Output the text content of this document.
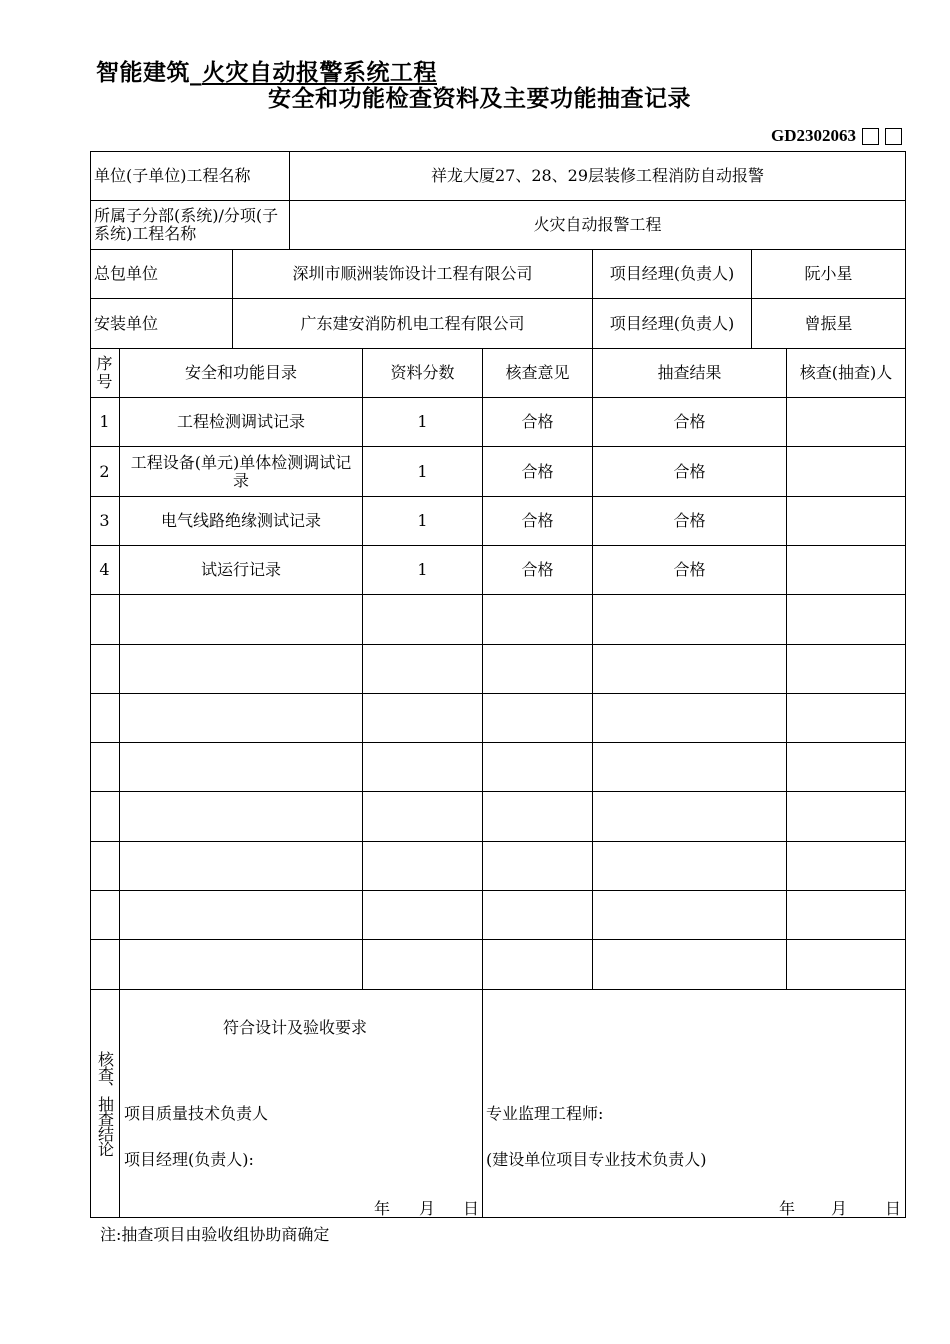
智能建筑_火灾自动报警系统工程
安全和功能检查资料及主要功能抽查记录
GD2302063
单位(子单位)工程名称	祥龙大厦27、28、29层装修工程消防自动报警
所属子分部(系统)/分项(子系统)工程名称	火灾自动报警工程
总包单位	深圳市顺洲装饰设计工程有限公司	项目经理(负责人)	阮小星
安装单位	广东建安消防机电工程有限公司	项目经理(负责人)	曾振星
序号	安全和功能目录	资料分数	核查意见	抽查结果	核查(抽查)人
1	工程检测调试记录	1	合格	合格
2	工程设备(单元)单体检测调试记录	1	合格	合格
3	电气线路绝缘测试记录	1	合格	合格
4	试运行记录	1	合格	合格
核查、抽查结论
符合设计及验收要求
项目质量技术负责人
项目经理(负责人):
年 月 日
专业监理工程师:
(建设单位项目专业技术负责人)
年 月 日
注:抽查项目由验收组协助商确定
